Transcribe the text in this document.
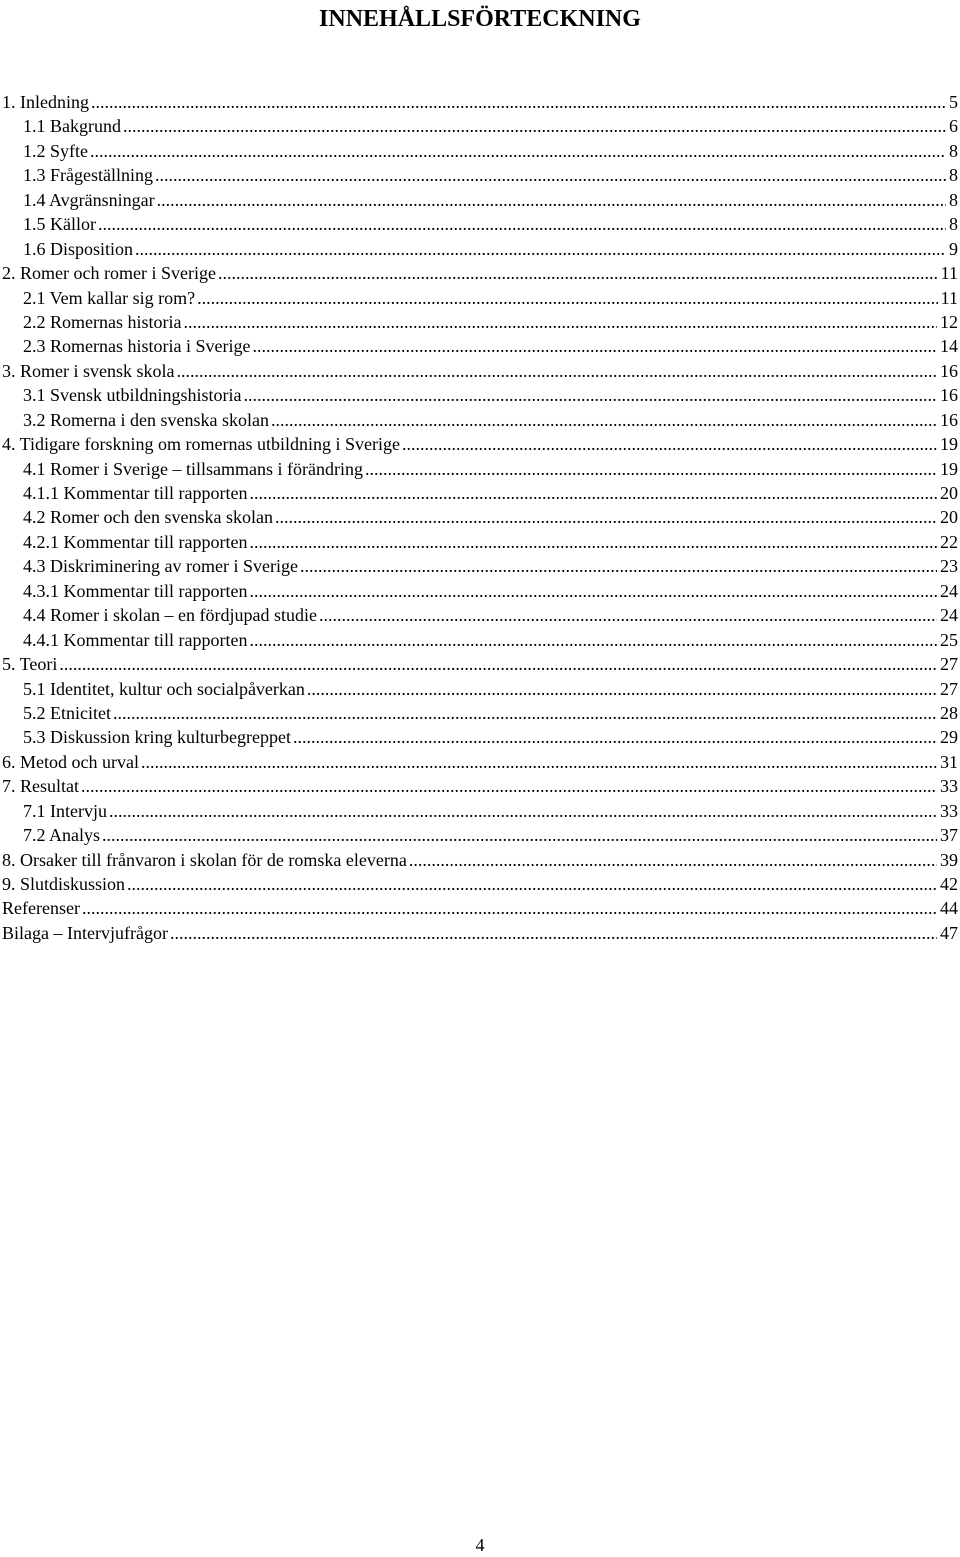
INNEHÅLLSFÖRTECKNING
1. Inledning .....	5
1.1 Bakgrund .....	6
1.2 Syfte .....	8
1.3 Frågeställning .....	8
1.4 Avgränsningar .....	8
1.5 Källor .....	8
1.6 Disposition .....	9
2. Romer och romer i Sverige .....	11
2.1 Vem kallar sig rom? .....	11
2.2 Romernas historia .....	12
2.3 Romernas historia i Sverige .....	14
3. Romer i svensk skola .....	16
3.1 Svensk utbildningshistoria .....	16
3.2 Romerna i den svenska skolan .....	16
4. Tidigare forskning om romernas utbildning i Sverige .....	19
4.1 Romer i Sverige – tillsammans i förändring .....	19
4.1.1 Kommentar till rapporten .....	20
4.2 Romer och den svenska skolan .....	20
4.2.1 Kommentar till rapporten .....	22
4.3 Diskriminering av romer i Sverige .....	23
4.3.1 Kommentar till rapporten .....	24
4.4 Romer i skolan – en fördjupad studie .....	24
4.4.1 Kommentar till rapporten .....	25
5. Teori .....	27
5.1 Identitet, kultur och socialpåverkan .....	27
5.2 Etnicitet .....	28
5.3 Diskussion kring kulturbegreppet .....	29
6. Metod och urval .....	31
7. Resultat .....	33
7.1 Intervju .....	33
7.2 Analys .....	37
8. Orsaker till frånvaron i skolan för de romska eleverna .....	39
9. Slutdiskussion .....	42
Referenser .....	44
Bilaga – Intervjufrågor .....	47
4
